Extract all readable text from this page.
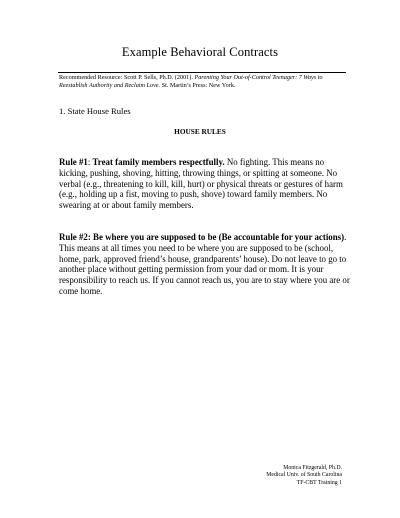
Example Behavioral Contracts
Recommended Resource: Scott P. Sells, Ph.D. (2001). Parenting Your Out-of-Control Teenager: 7 Ways to Reestablish Authority and Reclaim Love. St. Martin’s Press: New York.
1. State House Rules
HOUSE RULES
Rule #1: Treat family members respectfully. No fighting. This means no kicking, pushing, shoving, hitting, throwing things, or spitting at someone. No verbal (e.g., threatening to kill, kill, hurt) or physical threats or gestures of harm (e.g., holding up a fist, moving to push, shove) toward family members. No swearing at or about family members.
Rule #2: Be where you are supposed to be (Be accountable for your actions). This means at all times you need to be where you are supposed to be (school, home, park, approved friend’s house, grandparents’ house). Do not leave to go to another place without getting permission from your dad or mom. It is your responsibility to reach us. If you cannot reach us, you are to stay where you are or come home.
Monica Fitzgerald, Ph.D.
Medical Univ. of South Carolina
TF-CBT Training 1
